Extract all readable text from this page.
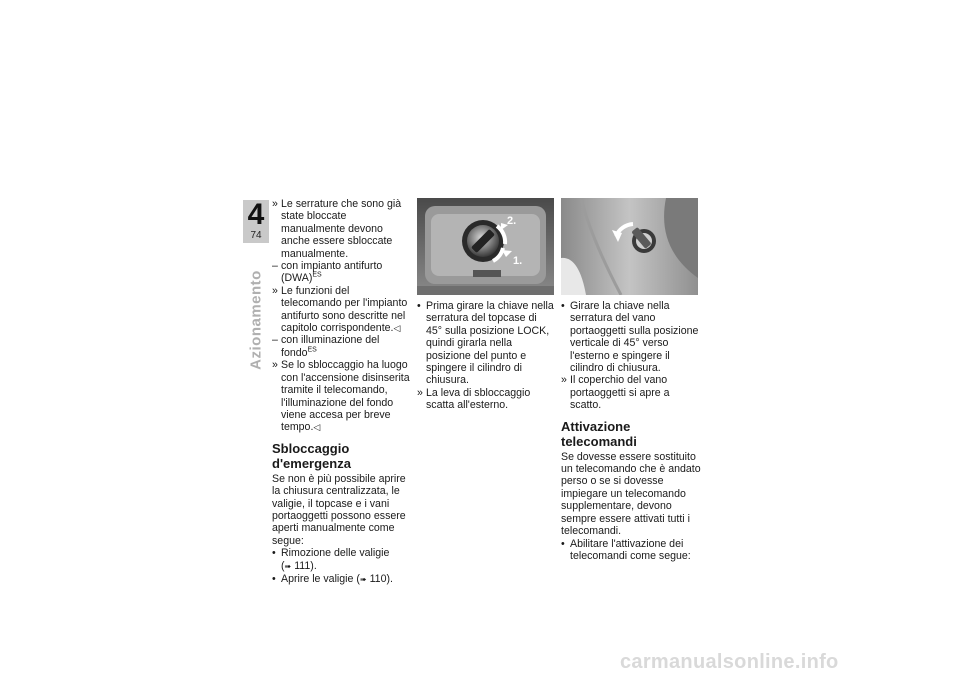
4
74
Azionamento
» Le serrature che sono già state bloccate manualmente devono anche essere sbloccate manualmente.
– con impianto antifurto (DWA)$^{ES}$
» Le funzioni del telecomando per l'impianto antifurto sono descritte nel capitolo corrispondente.◁
– con illuminazione del fondo$^{ES}$
» Se lo sbloccaggio ha luogo con l'accensione disinserita tramite il telecomando, l'illuminazione del fondo viene accesa per breve tempo.◁
Sbloccaggio d'emergenza
Se non è più possibile aprire la chiusura centralizzata, le valigie, il topcase e i vani portaoggetti possono essere aperti manualmente come segue:
• Rimozione delle valigie
(➠ 111).
• Aprire le valigie (➠ 110).
2.
1.
• Prima girare la chiave nella serratura del topcase di 45° sulla posizione LOCK, quindi girarla nella posizione del punto e spingere il cilindro di chiusura.
» La leva di sbloccaggio scatta all'esterno.
• Girare la chiave nella serratura del vano portaoggetti sulla posizione verticale di 45° verso l'esterno e spingere il cilindro di chiusura.
» Il coperchio del vano portaoggetti si apre a scatto.
Attivazione telecomandi
Se dovesse essere sostituito un telecomando che è andato perso o se si dovesse impiegare un telecomando supplementare, devono sempre essere attivati tutti i telecomandi.
• Abilitare l'attivazione dei telecomandi come segue:
carmanualsonline.info
